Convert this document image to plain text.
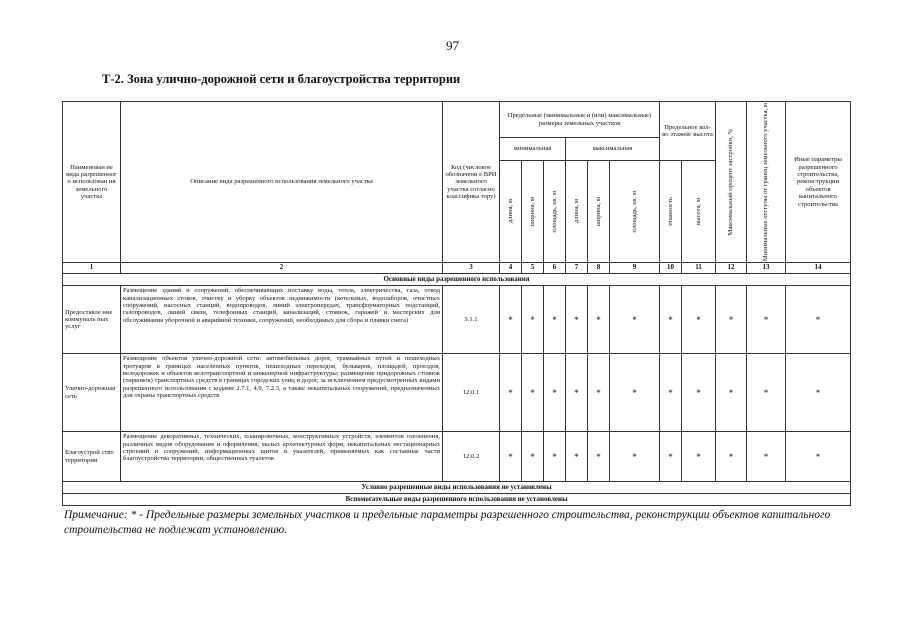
97
Т-2. Зона улично-дорожной сети и благоустройства территории
Наименован ие вида разрешенног о использован ия земельного участка	Описание вида разрешенного использования земельного участка	Код (числовое обозначени е ВРИ земельного участка согласно классифика тору)	Предельные (минимальные и (или) максимальные) размеры земельных участков						Предельное кол-во этажей/ высота		Максимальный процент застройки, %	Минимальные отступы от границ земельного участка, м	Иные параметры разрешенного строительства, реконструкции объектов капитального строительства
			минимальная			максимальная							

			длина, м	ширина, м	площадь, кв. м	длина, м	ширина, м	площадь, кв. м	этажность	высота, м			

1	2	3	4	5	6	7	8	9	10	11	12	13	14
Основные виды разрешенного использования													
Предоставле ние коммуналь ных услуг	Размещение зданий и сооружений, обеспечивающих поставку воды, тепла, электричества, газа, отвод канализационных стоков, очистку и уборку объектов недвижимости (котельных, водозаборов, очистных сооружений, насосных станций, водопроводов, линий электропередач, трансформаторных подстанций, газопроводов, линий связи, телефонных станций, канализаций, стоянок, гаражей и мастерских для обслуживания уборочной и аварийной техники, сооружений, необходимых для сбора и плавки снега)	3.1.1	*	*	*	*	*	*	*	*	*	*	*
Улично-дорожная сеть	Размещение объектов улично-дорожной сети: автомобильных дорог, трамвайных путей и пешеходных тротуаров в границах населенных пунктов, пешеходных переходов, бульваров, площадей, проездов, велодорожек и объектов велотранспортной и инженерной инфраструктуры; размещение придорожных стоянок (парковок) транспортных средств в границах городских улиц и дорог, за исключением предусмотренных видами разрешенного использования с кодами 2.7.1, 4.9, 7.2.3, а также некапитальных сооружений, предназначенных для охраны транспортных средств	12.0.1	*	*	*	*	*	*	*	*	*	*	*
Благоустрой ство территории	Размещение декоративных, технических, планировочных, конструктивных устройств, элементов озеленения, различных видов оборудования и оформления, малых архитектурных форм, некапитальных нестационарных строений и сооружений, информационных щитов и указателей, применяемых как составные части благоустройства территории, общественных туалетов	12.0.2	*	*	*	*	*	*	*	*	*	*	*
Условно разрешенные виды использования не установлены													
Вспомогательные виды разрешенного использования не установлены													
Примечание: * - Предельные размеры земельных участков и предельные параметры разрешенного строительства, реконструкции объектов капитального строительства не подлежат установлению.
